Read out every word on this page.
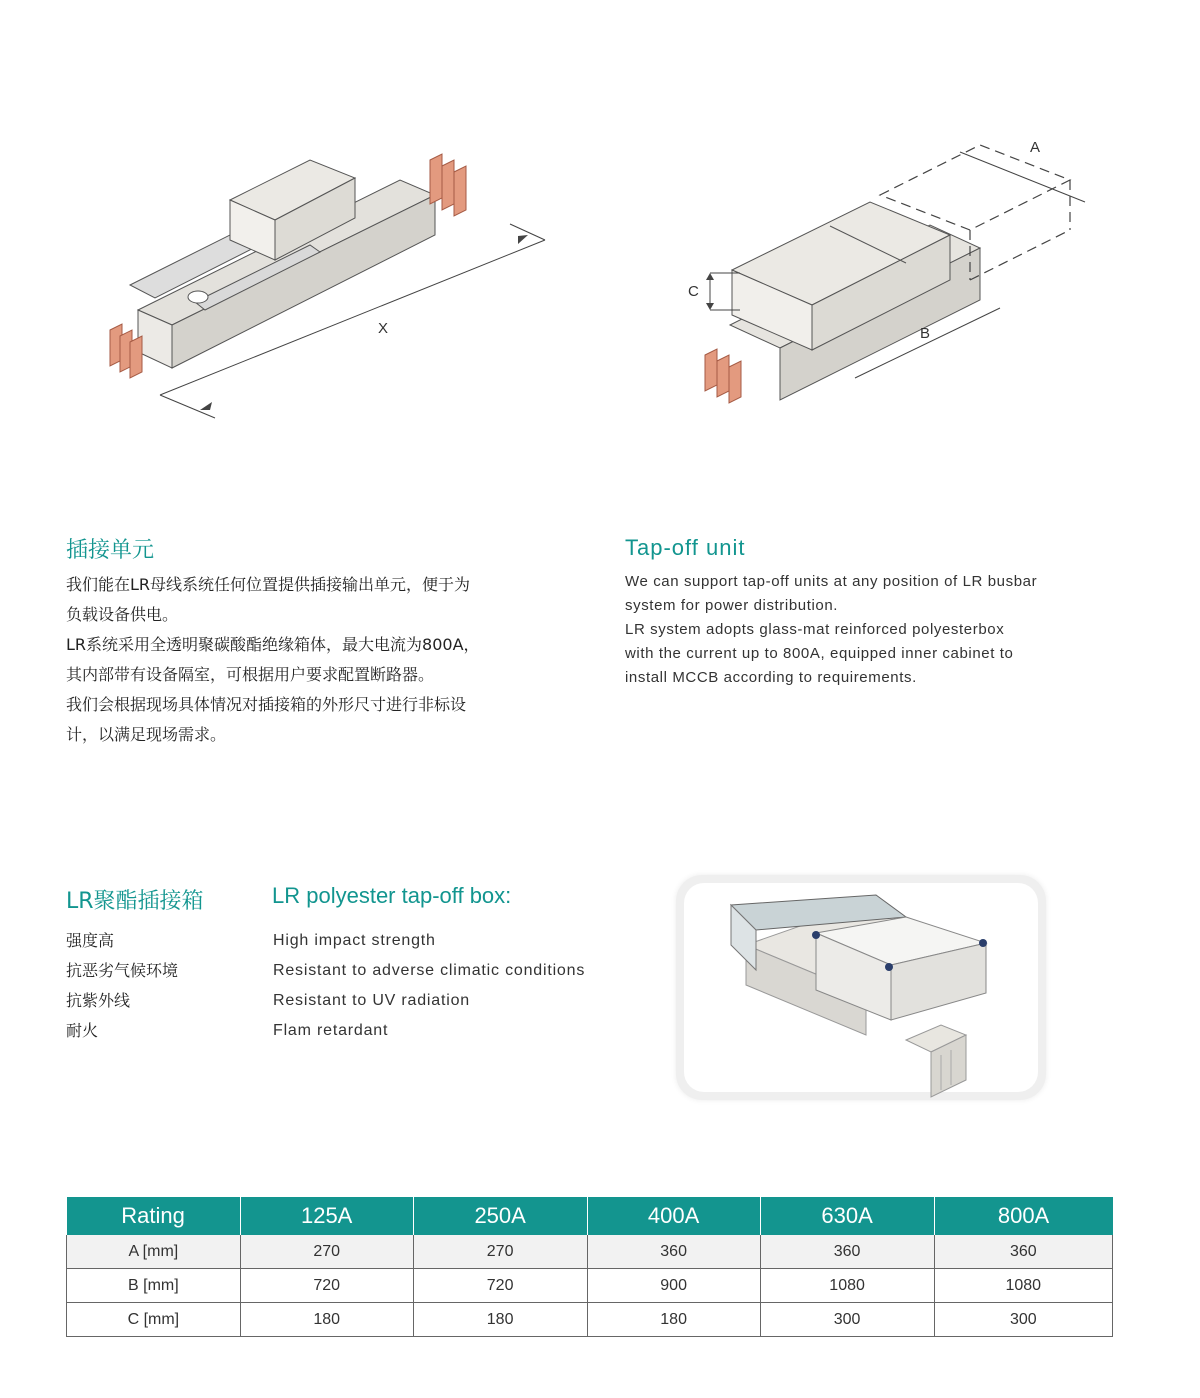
X
A
B
C
插接单元

我们能在LR母线系统任何位置提供插接输出单元，便于为

负载设备供电。

LR系统采用全透明聚碳酸酯绝缘箱体，最大电流为800A，

其内部带有设备隔室，可根据用户要求配置断路器。

我们会根据现场具体情况对插接箱的外形尺寸进行非标设

计，以满足现场需求。

Tap-off unit

We can support tap-off units at any position of LR busbar

system for power distribution.

LR system adopts glass-mat reinforced polyesterbox

with the current up to 800A, equipped inner cabinet to

install MCCB according to requirements.

LR聚酯插接箱	LR polyester tap-off box:

强度高

抗恶劣气候环境

抗紫外线

耐火

High impact strength

Resistant to adverse climatic conditions

Resistant to UV radiation

Flam retardant

Rating	125A	250A	400A	630A	800A
A [mm]	270	270	360	360	360
B [mm]	720	720	900	1080	1080
C [mm]	180	180	180	300	300
